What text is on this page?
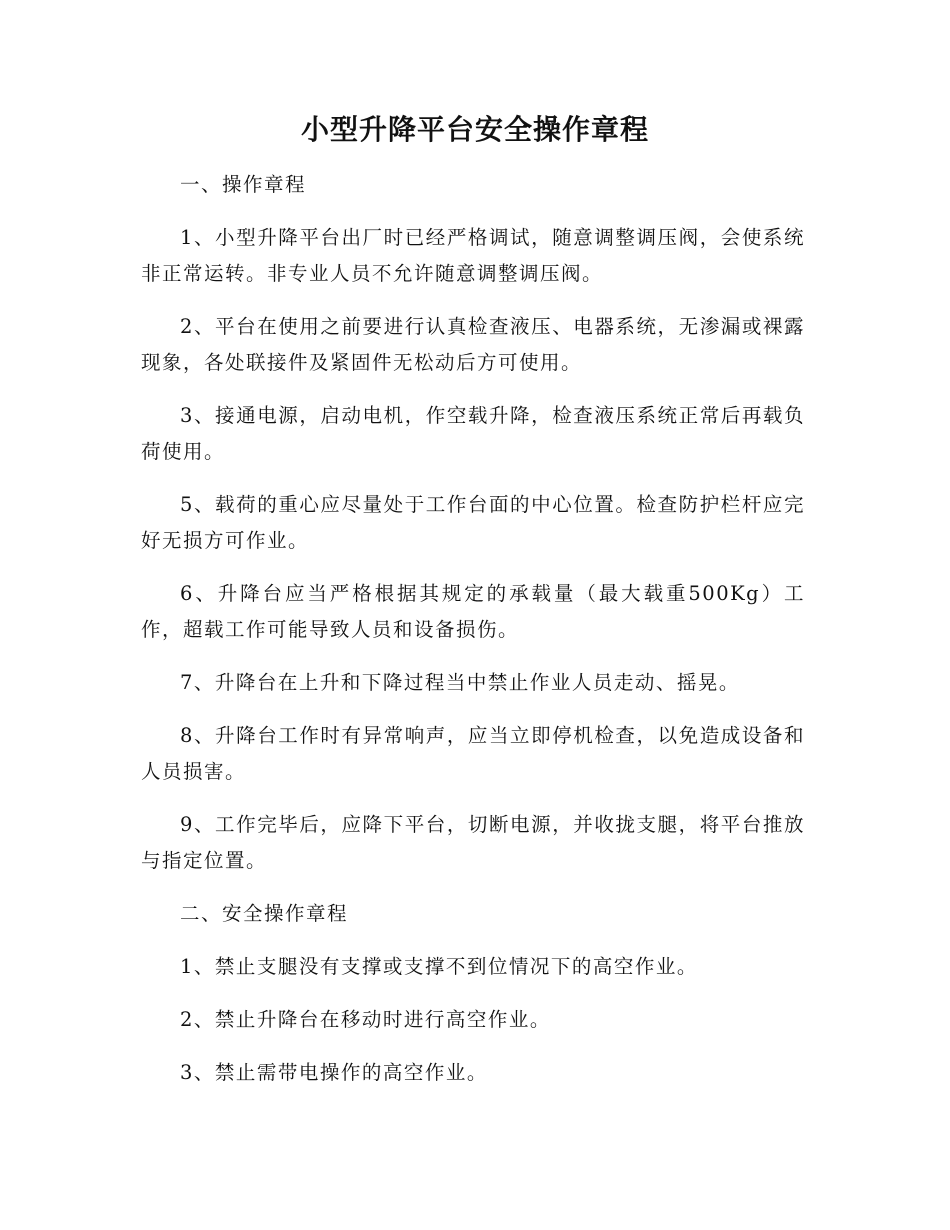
小型升降平台安全操作章程

一、操作章程

1、小型升降平台出厂时已经严格调试，随意调整调压阀，会使系统非正常运转。非专业人员不允许随意调整调压阀。

2、平台在使用之前要进行认真检查液压、电器系统，无渗漏或裸露现象，各处联接件及紧固件无松动后方可使用。

3、接通电源，启动电机，作空载升降，检查液压系统正常后再载负荷使用。

5、载荷的重心应尽量处于工作台面的中心位置。检查防护栏杆应完好无损方可作业。

6、升降台应当严格根据其规定的承载量（最大载重500Kg）工作，超载工作可能导致人员和设备损伤。

7、升降台在上升和下降过程当中禁止作业人员走动、摇晃。

8、升降台工作时有异常响声，应当立即停机检查，以免造成设备和人员损害。

9、工作完毕后，应降下平台，切断电源，并收拢支腿，将平台推放与指定位置。

二、安全操作章程

1、禁止支腿没有支撑或支撑不到位情况下的高空作业。

2、禁止升降台在移动时进行高空作业。

3、禁止需带电操作的高空作业。
